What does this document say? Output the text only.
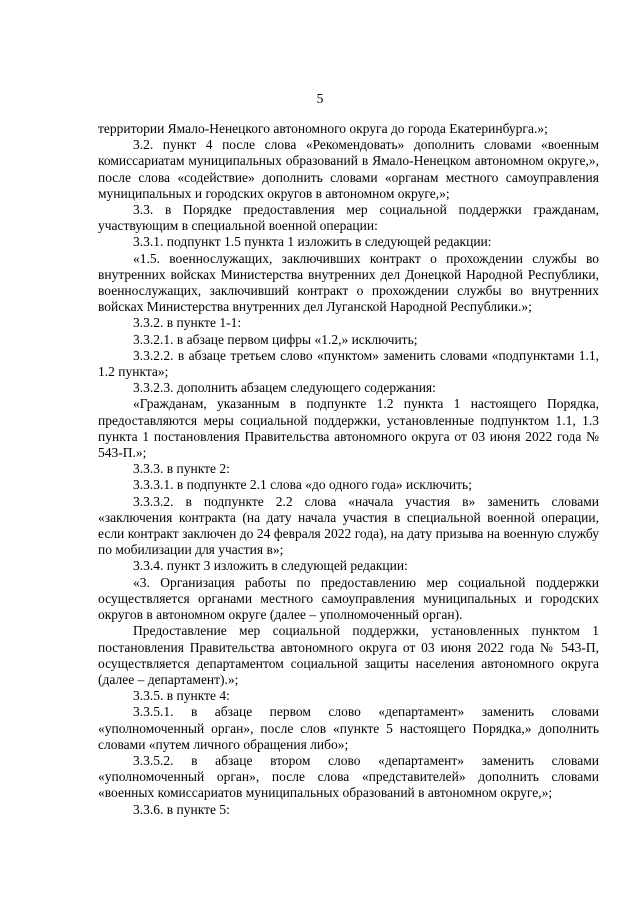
5

территории Ямало-Ненецкого автономного округа до города Екатеринбурга.»;

3.2. пункт 4 после слова «Рекомендовать» дополнить словами «военным комиссариатам муниципальных образований в Ямало-Ненецком автономном округе,», после слова «содействие» дополнить словами «органам местного самоуправления муниципальных и городских округов в автономном округе,»;

3.3. в Порядке предоставления мер социальной поддержки гражданам, участвующим в специальной военной операции:

3.3.1. подпункт 1.5 пункта 1 изложить в следующей редакции:

«1.5. военнослужащих, заключивших контракт о прохождении службы во внутренних войсках Министерства внутренних дел Донецкой Народной Республики, военнослужащих, заключивший контракт о прохождении службы во внутренних войсках Министерства внутренних дел Луганской Народной Республики.»;

3.3.2. в пункте 1-1:

3.3.2.1. в абзаце первом цифры «1.2,» исключить;

3.3.2.2. в абзаце третьем слово «пунктом» заменить словами «подпунктами 1.1, 1.2 пункта»;

3.3.2.3. дополнить абзацем следующего содержания:

«Гражданам, указанным в подпункте 1.2 пункта 1 настоящего Порядка, предоставляются меры социальной поддержки, установленные подпунктом 1.1, 1.3 пункта 1 постановления Правительства автономного округа от 03 июня 2022 года № 543-П.»;

3.3.3. в пункте 2:

3.3.3.1. в подпункте 2.1 слова «до одного года» исключить;

3.3.3.2. в подпункте 2.2 слова «начала участия в» заменить словами «заключения контракта (на дату начала участия в специальной военной операции, если контракт заключен до 24 февраля 2022 года), на дату призыва на военную службу по мобилизации для участия в»;

3.3.4. пункт 3 изложить в следующей редакции:

«3. Организация работы по предоставлению мер социальной поддержки осуществляется органами местного самоуправления муниципальных и городских округов в автономном округе (далее – уполномоченный орган).

Предоставление мер социальной поддержки, установленных пунктом 1 постановления Правительства автономного округа от 03 июня 2022 года № 543-П, осуществляется департаментом социальной защиты населения автономного округа (далее – департамент).»;

3.3.5. в пункте 4:

3.3.5.1. в абзаце первом слово «департамент» заменить словами «уполномоченный орган», после слов «пункте 5 настоящего Порядка,» дополнить словами «путем личного обращения либо»;

3.3.5.2. в абзаце втором слово «департамент» заменить словами «уполномоченный орган», после слова «представителей» дополнить словами «военных комиссариатов муниципальных образований в автономном округе,»;

3.3.6. в пункте 5:
